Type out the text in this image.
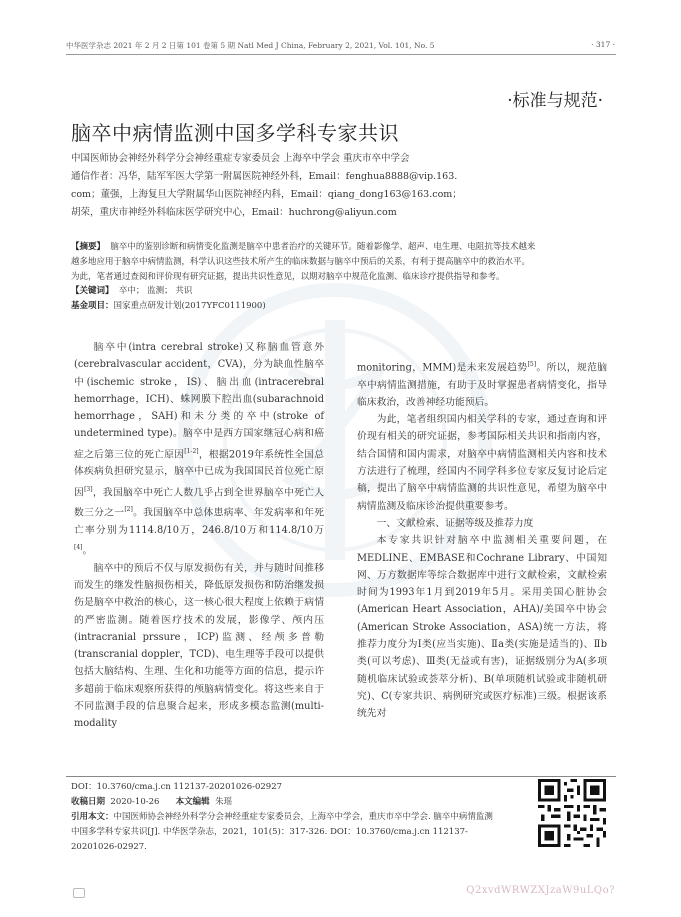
中华医学杂志 2021 年 2 月 2 日第 101 卷第 5 期 Natl Med J China, February 2, 2021, Vol. 101, No. 5	· 317 ·
·标准与规范·
脑卒中病情监测中国多学科专家共识
中国医师协会神经外科学分会神经重症专家委员会 上海卒中学会 重庆市卒中学会
通信作者：冯华，陆军军医大学第一附属医院神经外科，Email：fenghua8888@vip.163.
com；董强，上海复旦大学附属华山医院神经内科，Email：qiang_dong163@163.com；
胡荣，重庆市神经外科临床医学研究中心，Email：huchrong@aliyun.com
【摘要】 脑卒中的鉴别诊断和病情变化监测是脑卒中患者治疗的关键环节。随着影像学、超声、电生理、电阻抗等技术越来越多地应用于脑卒中病情监测，科学认识这些技术所产生的临床数据与脑卒中预后的关系，有利于提高脑卒中的救治水平。为此，笔者通过查阅和评价现有研究证据，提出共识性意见，以期对脑卒中规范化监测、临床诊疗提供指导和参考。
【关键词】 卒中； 监测； 共识
基金项目：国家重点研发计划(2017YFC0111900)

脑卒中(intra cerebral stroke)又称脑血管意外(cerebralvascular accident，CVA)，分为缺血性脑卒中(ischemic stroke，IS)、脑出血(intracerebral hemorrhage，ICH)、蛛网膜下腔出血(subarachnoid hemorrhage，SAH)和未分类的卒中(stroke of undetermined type)。脑卒中是西方国家继冠心病和癌症之后第三位的死亡原因[1-2]，根据2019年系统性全国总体疾病负担研究显示，脑卒中已成为我国国民首位死亡原因[3]，我国脑卒中死亡人数几乎占到全世界脑卒中死亡人数三分之一[2]。我国脑卒中总体患病率、年发病率和年死亡率分别为1114.8/10万，246.8/10万和114.8/10万[4]。

脑卒中的预后不仅与原发损伤有关，并与随时间推移而发生的继发性脑损伤相关，降低原发损伤和防治继发损伤是脑卒中救治的核心，这一核心很大程度上依赖于病情的严密监测。随着医疗技术的发展，影像学、颅内压(intracranial prssure，ICP)监测、经颅多普勒(transcranial doppler，TCD)、电生理等手段可以提供包括大脑结构、生理、生化和功能等方面的信息，提示许多超前于临床观察所获得的颅脑病情变化。将这些来自于不同监测手段的信息聚合起来，形成多模态监测(multi-modality

monitoring，MMM)是未来发展趋势[5]。所以，规范脑卒中病情监测措施，有助于及时掌握患者病情变化，指导临床救治，改善神经功能预后。

为此，笔者组织国内相关学科的专家，通过查询和评价现有相关的研究证据，参考国际相关共识和指南内容，结合国情和国内需求，对脑卒中病情监测相关内容和技术方法进行了梳理，经国内不同学科多位专家反复讨论后定稿，提出了脑卒中病情监测的共识性意见，希望为脑卒中病情监测及临床诊治提供重要参考。

一、文献检索、证据等级及推荐力度

本专家共识针对脑卒中监测相关重要问题，在MEDLINE、EMBASE和Cochrane Library、中国知网、万方数据库等综合数据库中进行文献检索，文献检索时间为1993年1月到2019年5月。采用美国心脏协会(American Heart Association，AHA)/美国卒中协会(American Stroke Association，ASA)统一方法，将推荐力度分为Ⅰ类(应当实施)、Ⅱa类(实施是适当的)、Ⅱb类(可以考虑)、Ⅲ类(无益或有害)，证据级别分为A(多项随机临床试验或荟萃分析)、B(单项随机试验或非随机研究)、C(专家共识、病例研究或医疗标准)三级。根据该系统先对

DOI：10.3760/cma.j.cn 112137-20201026-02927
收稿日期 2020-10-26 本文编辑 朱瑶
引用本文：中国医师协会神经外科学分会神经重症专家委员会，上海卒中学会，重庆市卒中学会. 脑卒中病情监测中国多学科专家共识[J]. 中华医学杂志，2021，101(5)：317-326. DOI：10.3760/cma.j.cn 112137-20201026-02927.
Q2xvdWRWZXJzaW9uLQo?
